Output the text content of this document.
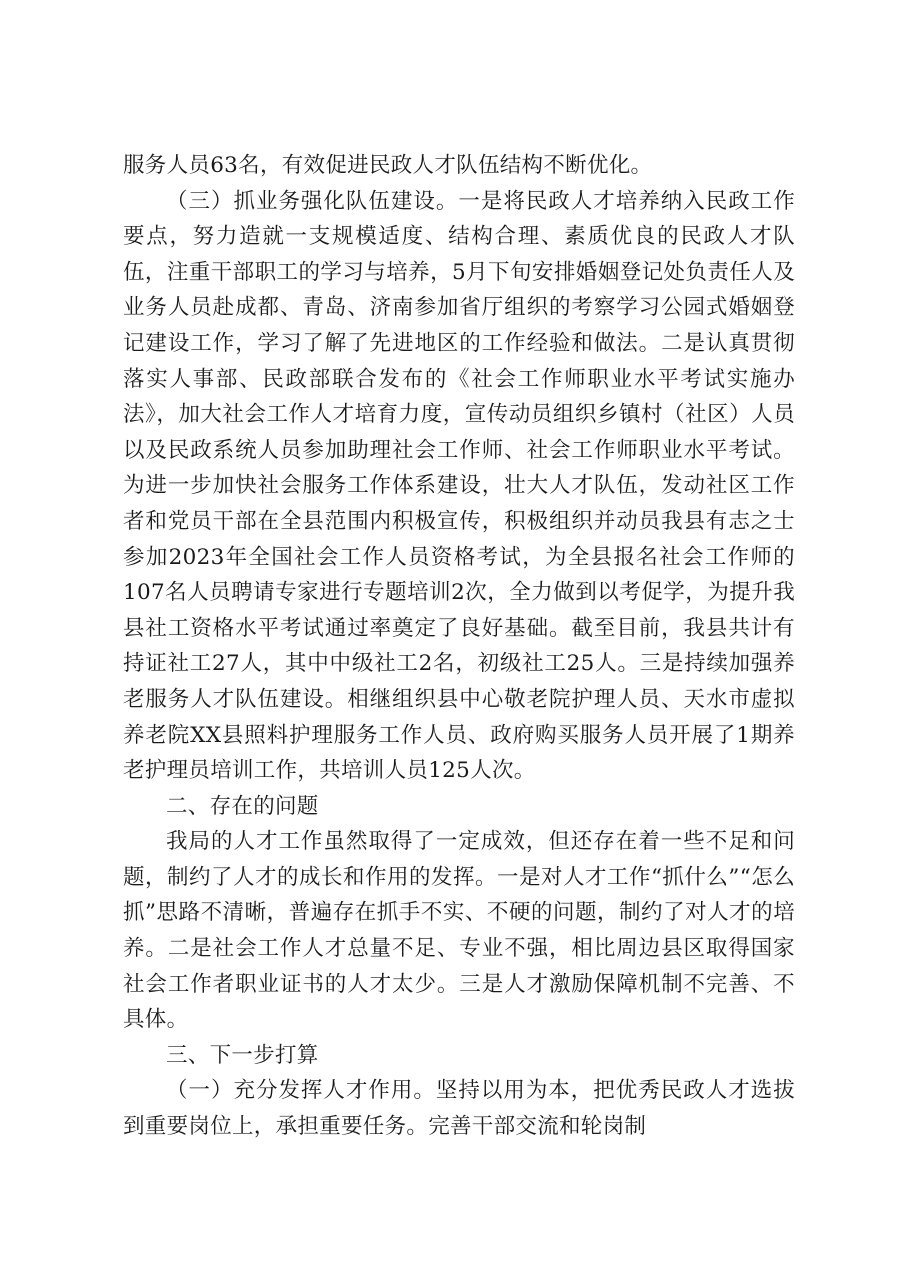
服务人员63名，有效促进民政人才队伍结构不断优化。

（三）抓业务强化队伍建设。一是将民政人才培养纳入民政工作要点，努力造就一支规模适度、结构合理、素质优良的民政人才队伍，注重干部职工的学习与培养，5月下旬安排婚姻登记处负责任人及业务人员赴成都、青岛、济南参加省厅组织的考察学习公园式婚姻登记建设工作，学习了解了先进地区的工作经验和做法。二是认真贯彻落实人事部、民政部联合发布的《社会工作师职业水平考试实施办法》，加大社会工作人才培育力度，宣传动员组织乡镇村（社区）人员以及民政系统人员参加助理社会工作师、社会工作师职业水平考试。为进一步加快社会服务工作体系建设，壮大人才队伍，发动社区工作者和党员干部在全县范围内积极宣传，积极组织并动员我县有志之士参加2023年全国社会工作人员资格考试，为全县报名社会工作师的107名人员聘请专家进行专题培训2次，全力做到以考促学，为提升我县社工资格水平考试通过率奠定了良好基础。截至目前，我县共计有持证社工27人，其中中级社工2名，初级社工25人。三是持续加强养老服务人才队伍建设。相继组织县中心敬老院护理人员、天水市虚拟养老院XX县照料护理服务工作人员、政府购买服务人员开展了1期养老护理员培训工作，共培训人员125人次。

二、存在的问题

我局的人才工作虽然取得了一定成效，但还存在着一些不足和问题，制约了人才的成长和作用的发挥。一是对人才工作“抓什么”“怎么抓”思路不清晰，普遍存在抓手不实、不硬的问题，制约了对人才的培养。二是社会工作人才总量不足、专业不强，相比周边县区取得国家社会工作者职业证书的人才太少。三是人才激励保障机制不完善、不具体。

三、下一步打算

（一）充分发挥人才作用。坚持以用为本，把优秀民政人才选拔到重要岗位上，承担重要任务。完善干部交流和轮岗制
